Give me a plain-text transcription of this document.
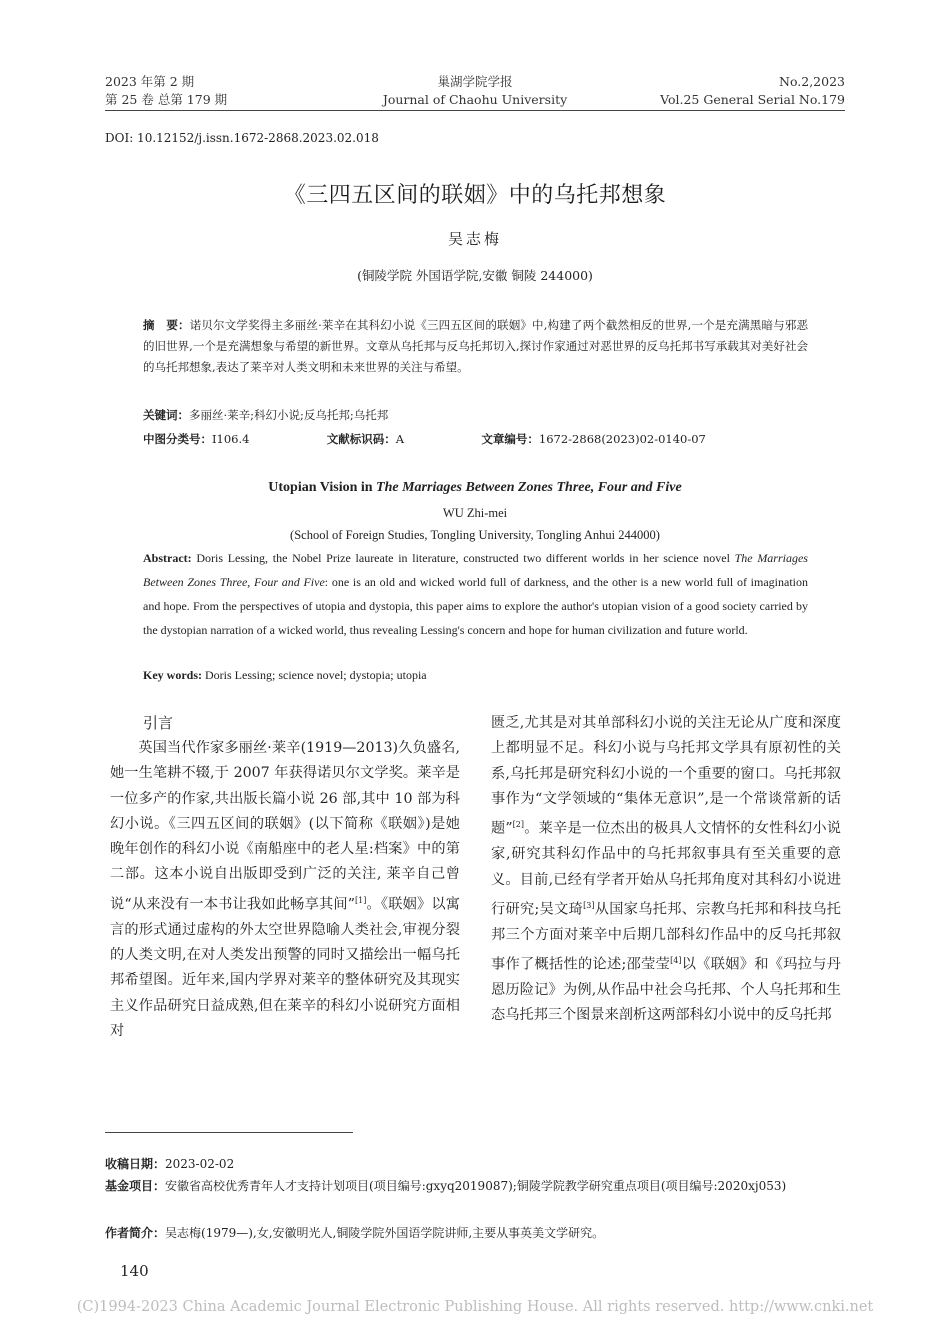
2023 年第 2 期
第 25 卷 总第 179 期
巢湖学院学报
Journal of Chaohu University
No.2,2023
Vol.25 General Serial No.179
DOI: 10.12152/j.issn.1672-2868.2023.02.018
《三四五区间的联姻》中的乌托邦想象
吴志梅
(铜陵学院 外国语学院,安徽 铜陵 244000)
摘　要：诺贝尔文学奖得主多丽丝·莱辛在其科幻小说《三四五区间的联姻》中,构建了两个截然相反的世界,一个是充满黑暗与邪恶的旧世界,一个是充满想象与希望的新世界。文章从乌托邦与反乌托邦切入,探讨作家通过对恶世界的反乌托邦书写承载其对美好社会的乌托邦想象,表达了莱辛对人类文明和未来世界的关注与希望。
关键词：多丽丝·莱辛;科幻小说;反乌托邦;乌托邦
中图分类号：I106.4	文献标识码：A	文章编号：1672-2868(2023)02-0140-07
Utopian Vision in The Marriages Between Zones Three, Four and Five
WU Zhi-mei
(School of Foreign Studies, Tongling University, Tongling Anhui 244000)
Abstract: Doris Lessing, the Nobel Prize laureate in literature, constructed two different worlds in her science novel The Marriages Between Zones Three, Four and Five: one is an old and wicked world full of darkness, and the other is a new world full of imagination and hope. From the perspectives of utopia and dystopia, this paper aims to explore the author's utopian vision of a good society carried by the dystopian narration of a wicked world, thus revealing Lessing's concern and hope for human civilization and future world.
Key words: Doris Lessing; science novel; dystopia; utopia
引言

英国当代作家多丽丝·莱辛(1919—2013)久负盛名,她一生笔耕不辍,于 2007 年获得诺贝尔文学奖。莱辛是一位多产的作家,共出版长篇小说 26 部,其中 10 部为科幻小说。《三四五区间的联姻》(以下简称《联姻》)是她晚年创作的科幻小说《南船座中的老人星:档案》中的第二部。这本小说自出版即受到广泛的关注, 莱辛自己曾说“从来没有一本书让我如此畅享其间”[1]。《联姻》以寓言的形式通过虚构的外太空世界隐喻人类社会,审视分裂的人类文明,在对人类发出预警的同时又描绘出一幅乌托邦希望图。近年来,国内学界对莱辛的整体研究及其现实主义作品研究日益成熟,但在莱辛的科幻小说研究方面相对

匮乏,尤其是对其单部科幻小说的关注无论从广度和深度上都明显不足。科幻小说与乌托邦文学具有原初性的关系,乌托邦是研究科幻小说的一个重要的窗口。乌托邦叙事作为“文学领域的“集体无意识”,是一个常谈常新的话题”[2]。莱辛是一位杰出的极具人文情怀的女性科幻小说家,研究其科幻作品中的乌托邦叙事具有至关重要的意义。目前,已经有学者开始从乌托邦角度对其科幻小说进行研究;吴文琦[3]从国家乌托邦、宗教乌托邦和科技乌托邦三个方面对莱辛中后期几部科幻作品中的反乌托邦叙事作了概括性的论述;邵莹莹[4]以《联姻》和《玛拉与丹恩历险记》为例,从作品中社会乌托邦、个人乌托邦和生态乌托邦三个图景来剖析这两部科幻小说中的反乌托邦

收稿日期：2023-02-02
基金项目：安徽省高校优秀青年人才支持计划项目(项目编号:gxyq2019087);铜陵学院教学研究重点项目(项目编号:2020xj053)
作者简介：吴志梅(1979—),女,安徽明光人,铜陵学院外国语学院讲师,主要从事英美文学研究。
140
(C)1994-2023 China Academic Journal Electronic Publishing House. All rights reserved. http://www.cnki.net
